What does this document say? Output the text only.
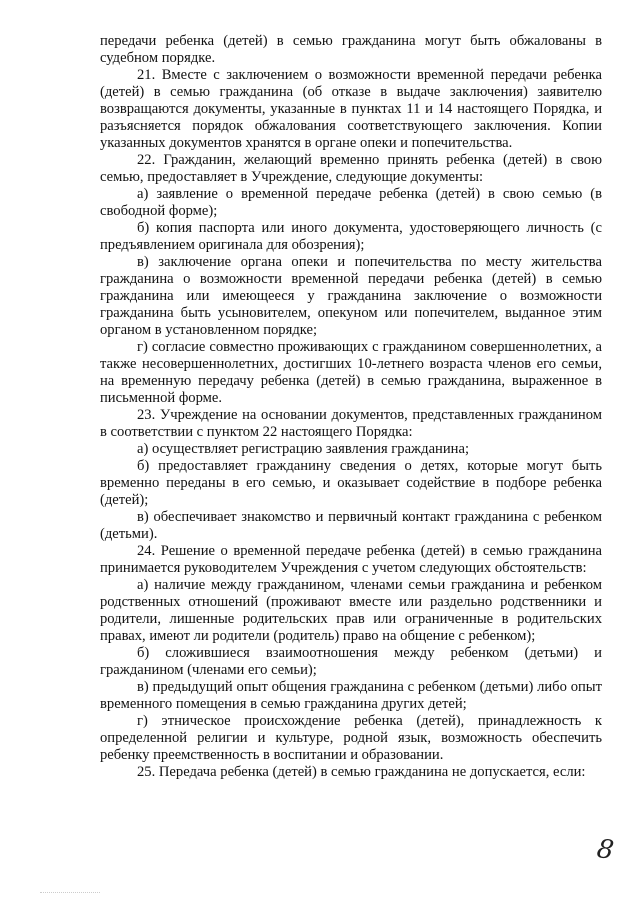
передачи ребенка (детей) в семью гражданина могут быть обжалованы в судебном порядке.

21. Вместе с заключением о возможности временной передачи ребенка (детей) в семью гражданина (об отказе в выдаче заключения) заявителю возвращаются документы, указанные в пунктах 11 и 14 настоящего Порядка, и разъясняется порядок обжалования соответствующего заключения. Копии указанных документов хранятся в органе опеки и попечительства.

22. Гражданин, желающий временно принять ребенка (детей) в свою семью, предоставляет в Учреждение, следующие документы:

а) заявление о временной передаче ребенка (детей) в свою семью (в свободной форме);

б) копия паспорта или иного документа, удостоверяющего личность (с предъявлением оригинала для обозрения);

в) заключение органа опеки и попечительства по месту жительства гражданина о возможности временной передачи ребенка (детей) в семью гражданина или имеющееся у гражданина заключение о возможности гражданина быть усыновителем, опекуном или попечителем, выданное этим органом в установленном порядке;

г) согласие совместно проживающих с гражданином совершеннолетних, а также несовершеннолетних, достигших 10-летнего возраста членов его семьи, на временную передачу ребенка (детей) в семью гражданина, выраженное в письменной форме.

23. Учреждение на основании документов, представленных гражданином в соответствии с пунктом 22 настоящего Порядка:

а) осуществляет регистрацию заявления гражданина;

б) предоставляет гражданину сведения о детях, которые могут быть временно переданы в его семью, и оказывает содействие в подборе ребенка (детей);

в) обеспечивает знакомство и первичный контакт гражданина с ребенком (детьми).

24. Решение о временной передаче ребенка (детей) в семью гражданина принимается руководителем Учреждения с учетом следующих обстоятельств:

а) наличие между гражданином, членами семьи гражданина и ребенком родственных отношений (проживают вместе или раздельно родственники и родители, лишенные родительских прав или ограниченные в родительских правах, имеют ли родители (родитель) право на общение с ребенком);

б) сложившиеся взаимоотношения между ребенком (детьми) и гражданином (членами его семьи);

в) предыдущий опыт общения гражданина с ребенком (детьми) либо опыт временного помещения в семью гражданина других детей;

г) этническое происхождение ребенка (детей), принадлежность к определенной религии и культуре, родной язык, возможность обеспечить ребенку преемственность в воспитании и образовании.

25. Передача ребенка (детей) в семью гражданина не допускается, если:

8
